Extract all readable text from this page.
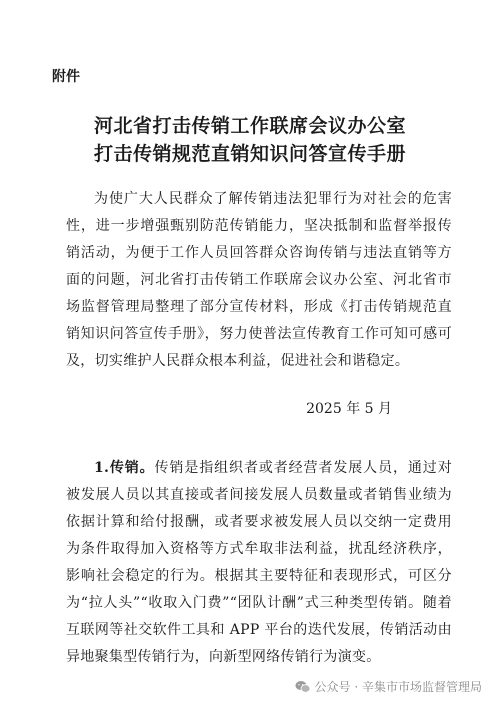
附件

河北省打击传销工作联席会议办公室
打击传销规范直销知识问答宣传手册

为使广大人民群众了解传销违法犯罪行为对社会的危害性，进一步增强甄别防范传销能力，坚决抵制和监督举报传销活动，为便于工作人员回答群众咨询传销与违法直销等方面的问题，河北省打击传销工作联席会议办公室、河北省市场监督管理局整理了部分宣传材料，形成《打击传销规范直销知识问答宣传手册》，努力使普法宣传教育工作可知可感可及，切实维护人民群众根本利益，促进社会和谐稳定。

2025 年 5 月

1.传销。传销是指组织者或者经营者发展人员，通过对被发展人员以其直接或者间接发展人员数量或者销售业绩为依据计算和给付报酬，或者要求被发展人员以交纳一定费用为条件取得加入资格等方式牟取非法利益，扰乱经济秩序，影响社会稳定的行为。根据其主要特征和表现形式，可区分为“拉人头”“收取入门费”“团队计酬”式三种类型传销。随着互联网等社交软件工具和 APP 平台的迭代发展，传销活动由异地聚集型传销行为，向新型网络传销行为演变。

公众号 · 辛集市市场监督管理局
